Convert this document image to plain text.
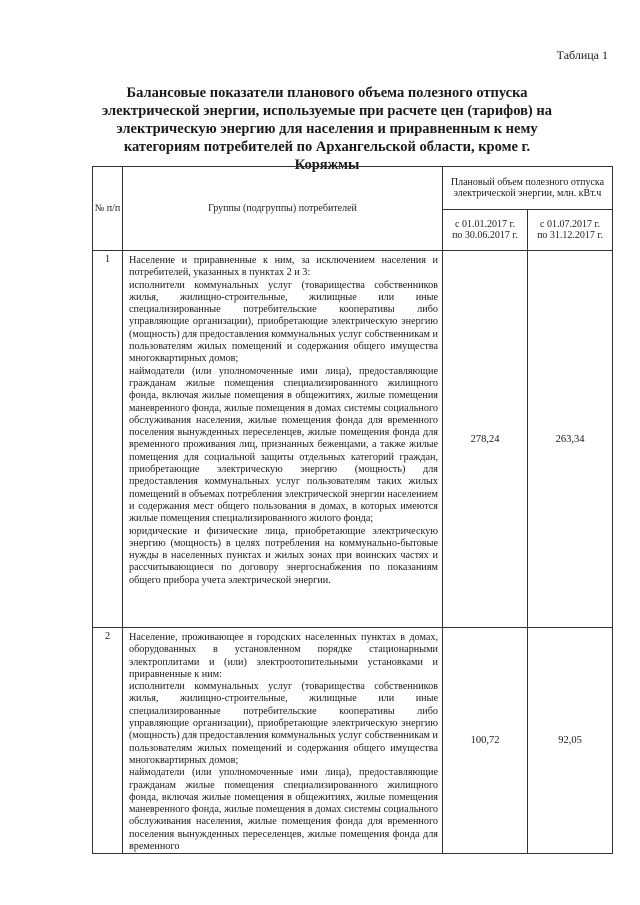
Таблица 1
Балансовые показатели планового объема полезного отпуска электрической энергии, используемые при расчете цен (тарифов) на электрическую энергию для населения и приравненным к нему категориям потребителей по Архангельской области, кроме г. Коряжмы
№ п/п	Группы (подгруппы) потребителей	Плановый объем полезного отпуска электрической энергии, млн. кВт.ч	
		с 01.01.2017 г. по 30.06.2017 г.	с 01.07.2017 г. по 31.12.2017 г.
1	Население и приравненные к ним, за исключением населения и потребителей, указанных в пунктах 2 и 3:

исполнители коммунальных услуг (товарищества собственников жилья, жилищно-строительные, жилищные или иные специализированные потребительские кооперативы либо управляющие организации), приобретающие электрическую энергию (мощность) для предоставления коммунальных услуг собственникам и пользователям жилых помещений и содержания общего имущества многоквартирных домов;

наймодатели (или уполномоченные ими лица), предоставляющие гражданам жилые помещения специализированного жилищного фонда, включая жилые помещения в общежитиях, жилые помещения маневренного фонда, жилые помещения в домах системы социального обслуживания населения, жилые помещения фонда для временного поселения вынужденных переселенцев, жилые помещения фонда для временного проживания лиц, признанных беженцами, а также жилые помещения для социальной защиты отдельных категорий граждан, приобретающие электрическую энергию (мощность) для предоставления коммунальных услуг пользователям таких жилых помещений в объемах потребления электрической энергии населением и содержания мест общего пользования в домах, в которых имеются жилые помещения специализированного жилого фонда;

юридические и физические лица, приобретающие электрическую энергию (мощность) в целях потребления на коммунально-бытовые нужды в населенных пунктах и жилых зонах при воинских частях и рассчитывающиеся по договору энергоснабжения по показаниям общего прибора учета электрической энергии.	278,24	263,34
2	Население, проживающее в городских населенных пунктах в домах, оборудованных в установленном порядке стационарными электроплитами и (или) электроотопительными установками и приравненные к ним:

исполнители коммунальных услуг (товарищества собственников жилья, жилищно-строительные, жилищные или иные специализированные потребительские кооперативы либо управляющие организации), приобретающие электрическую энергию (мощность) для предоставления коммунальных услуг собственникам и пользователям жилых помещений и содержания общего имущества многоквартирных домов;

наймодатели (или уполномоченные ими лица), предоставляющие гражданам жилые помещения специализированного жилищного фонда, включая жилые помещения в общежитиях, жилые помещения маневренного фонда, жилые помещения в домах системы социального обслуживания населения, жилые помещения фонда для временного поселения вынужденных переселенцев, жилые помещения фонда для временного	100,72	92,05
